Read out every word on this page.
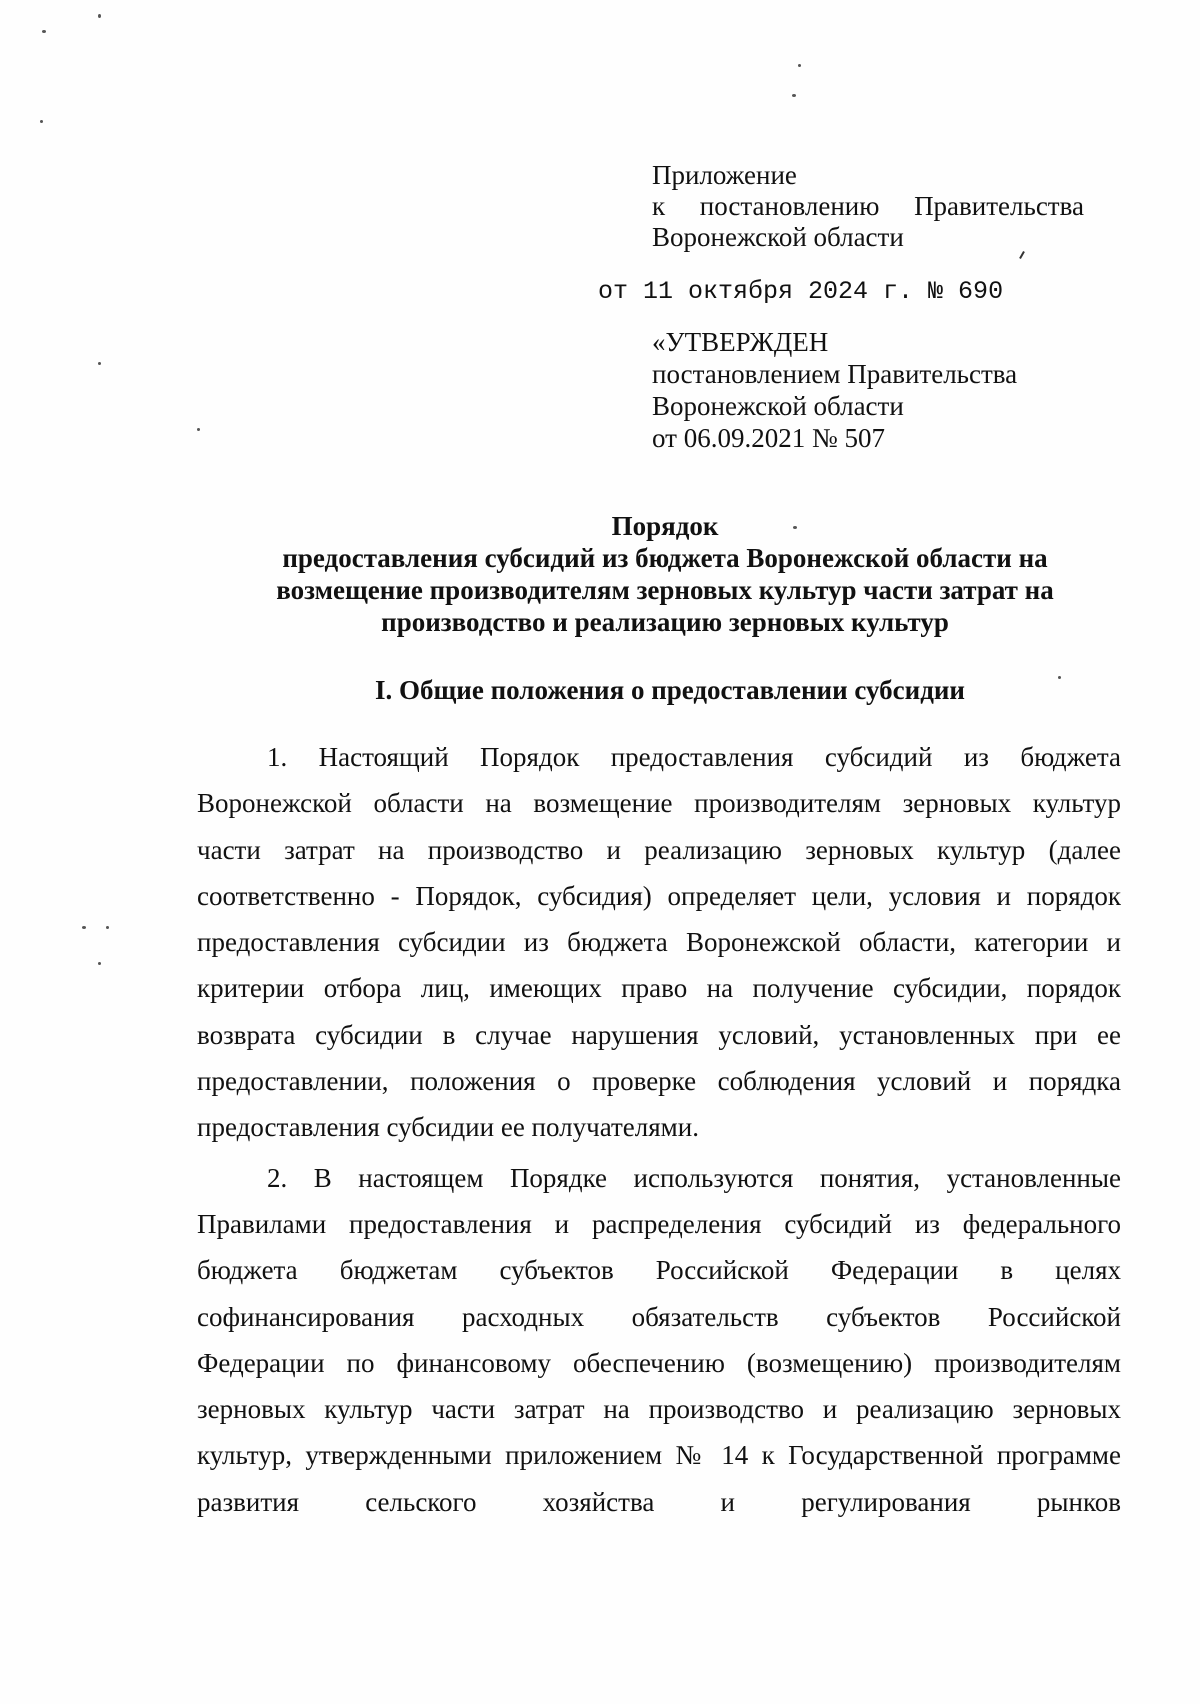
Приложение
к постановлению Правительства
Воронежской области
от 11 октября 2024 г. № 690
«УТВЕРЖДЕН
постановлением Правительства
Воронежской области
от 06.09.2021 № 507
Порядок
предоставления субсидий из бюджета Воронежской области на
возмещение производителям зерновых культур части затрат на
производство и реализацию зерновых культур
I. Общие положения о предоставлении субсидии
1. Настоящий Порядок предоставления субсидий из бюджета
Воронежской области на возмещение производителям зерновых культур
части затрат на производство и реализацию зерновых культур (далее
соответственно - Порядок, субсидия) определяет цели, условия и порядок
предоставления субсидии из бюджета Воронежской области, категории и
критерии отбора лиц, имеющих право на получение субсидии, порядок
возврата субсидии в случае нарушения условий, установленных при ее
предоставлении, положения о проверке соблюдения условий и порядка
предоставления субсидии ее получателями.
2. В настоящем Порядке используются понятия, установленные
Правилами предоставления и распределения субсидий из федерального
бюджета бюджетам субъектов Российской Федерации в целях
софинансирования расходных обязательств субъектов Российской
Федерации по финансовому обеспечению (возмещению) производителям
зерновых культур части затрат на производство и реализацию зерновых
культур, утвержденными приложением № 14 к Государственной программе
развития сельского хозяйства и регулирования рынков
